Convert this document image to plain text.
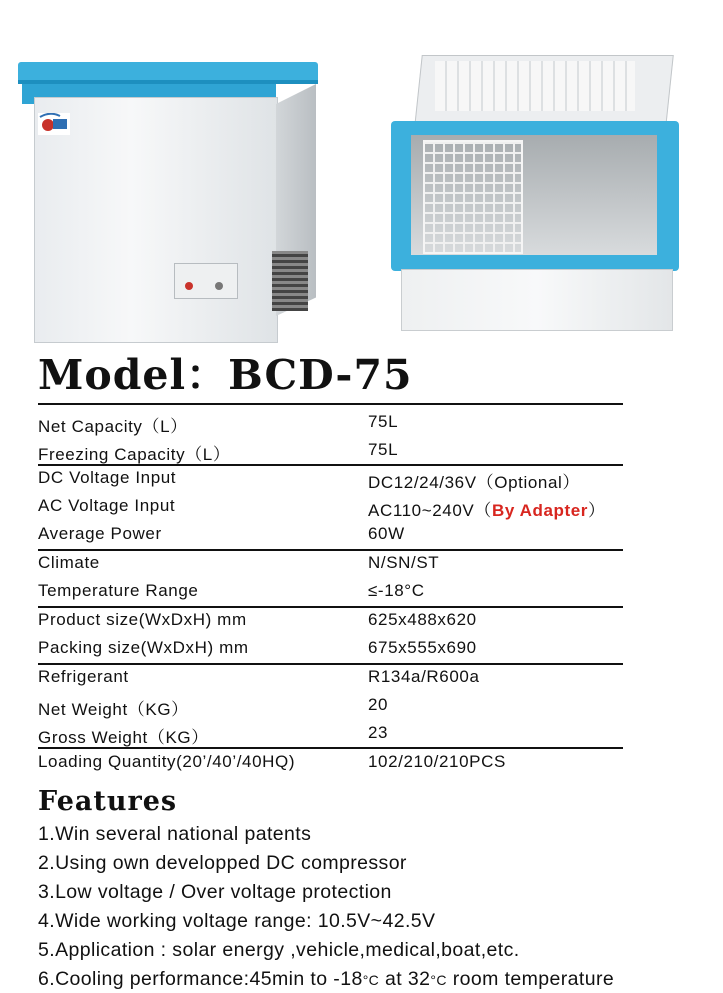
Model：BCD-75
Net Capacity（L）	75L
Freezing Capacity（L）	75L
DC Voltage Input	DC12/24/36V（Optional）
AC Voltage Input	AC110~240V（By Adapter）
Average Power	60W
Climate	N/SN/ST
Temperature Range	≤-18°C
Product size(WxDxH) mm	625x488x620
Packing size(WxDxH) mm	675x555x690
Refrigerant	R134a/R600a
Net Weight（KG）	20
Gross Weight（KG）	23
Loading Quantity(20’/40’/40HQ)	102/210/210PCS
Features
1.Win several national patents
2.Using own developped DC compressor
3.Low voltage / Over voltage protection
4.Wide working voltage range: 10.5V~42.5V
5.Application : solar energy ,vehicle,medical,boat,etc.
6.Cooling performance:45min to -18°C at 32°C room temperature
